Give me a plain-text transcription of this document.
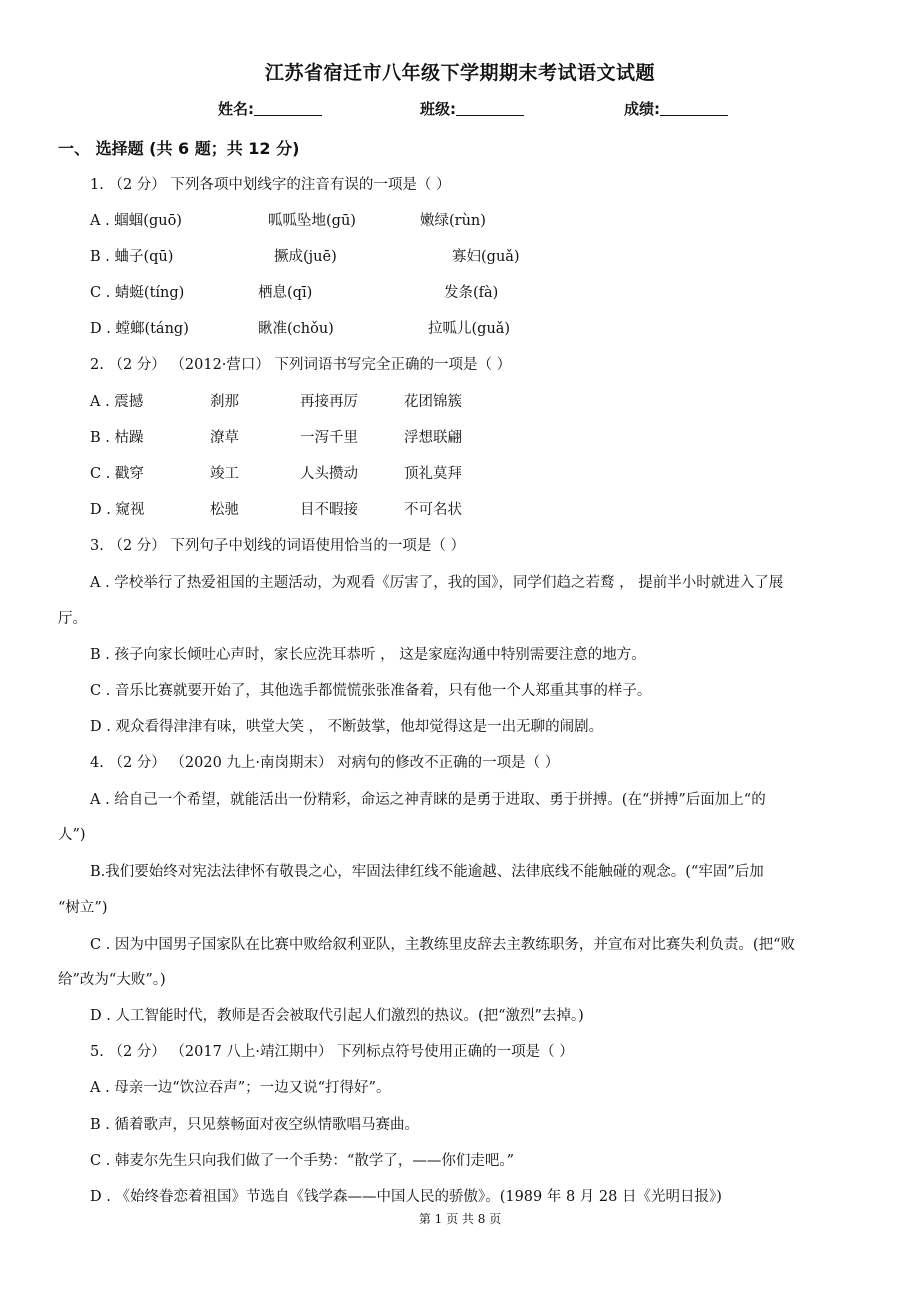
江苏省宿迁市八年级下学期期末考试语文试题
姓名:	班级:	成绩:
一、 选择题 (共 6 题；共 12 分)
1. （2 分） 下列各项中划线字的注音有误的一项是（ ）
A . 蝈蝈(guō)	呱呱坠地(gū)	嫩绿(rùn)
B . 蛐子(qū)	撅成(juē)	寡妇(guǎ)
C . 蜻蜓(tíng)	栖息(qī)	发条(fà)
D . 螳螂(táng)	瞅准(chǒu)	拉呱儿(guǎ)
2. （2 分） （2012·营口） 下列词语书写完全正确的一项是（ ）
A . 震撼	刹那	再接再厉	花团锦簇
B . 枯躁	潦草	一泻千里	浮想联翩
C . 戳穿	竣工	人头攒动	顶礼莫拜
D . 窥视	松驰	目不暇接	不可名状
3. （2 分） 下列句子中划线的词语使用恰当的一项是（ ）
A . 学校举行了热爱祖国的主题活动，为观看《厉害了，我的国》，同学们趋之若鹜 ， 提前半小时就进入了展
厅。
B . 孩子向家长倾吐心声时，家长应洗耳恭听 ， 这是家庭沟通中特别需要注意的地方。
C . 音乐比赛就要开始了，其他选手都慌慌张张准备着，只有他一个人郑重其事的样子。
D . 观众看得津津有味，哄堂大笑 ， 不断鼓掌，他却觉得这是一出无聊的闹剧。
4. （2 分） （2020 九上·南岗期末） 对病句的修改不正确的一项是（ ）
A . 给自己一个希望，就能活出一份精彩，命运之神青睐的是勇于进取、勇于拼搏。(在“拼搏”后面加上“的
人”)
B.我们要始终对宪法法律怀有敬畏之心，牢固法律红线不能逾越、法律底线不能触碰的观念。(“牢固”后加
“树立”)
C . 因为中国男子国家队在比赛中败给叙利亚队，主教练里皮辞去主教练职务，并宣布对比赛失利负责。(把“败
给”改为“大败”。)
D . 人工智能时代，教师是否会被取代引起人们激烈的热议。(把“激烈”去掉。)
5. （2 分） （2017 八上·靖江期中） 下列标点符号使用正确的一项是（ ）
A . 母亲一边“饮泣吞声”；一边又说“打得好”。
B . 循着歌声，只见蔡畅面对夜空纵情歌唱马赛曲。
C . 韩麦尔先生只向我们做了一个手势：“散学了，——你们走吧。”
D . 《始终眷恋着祖国》节选自《钱学森——中国人民的骄傲》。(1989 年 8 月 28 日《光明日报》)
第 1 页 共 8 页
